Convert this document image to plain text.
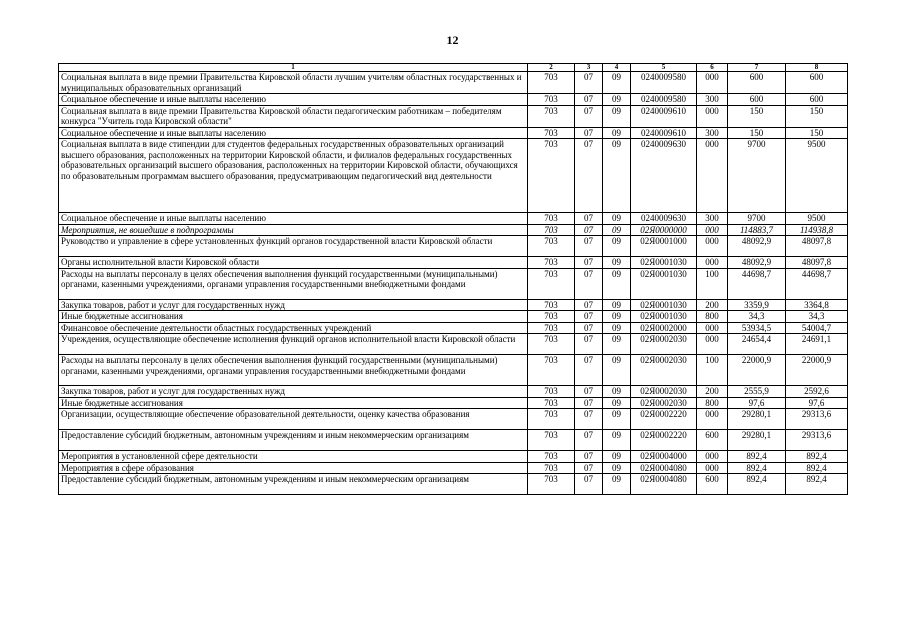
12
1	2	3	4	5	6	7	8
Социальная выплата в виде премии Правительства Кировской области лучшим учителям областных государственных и муниципальных образовательных организаций	703	07	09	0240009580	000	600	600
Социальное обеспечение и иные выплаты населению	703	07	09	0240009580	300	600	600
Социальная выплата в виде премии Правительства Кировской области педагогическим работникам – победителям конкурса "Учитель года Кировской области"	703	07	09	0240009610	000	150	150
Социальное обеспечение и иные выплаты населению	703	07	09	0240009610	300	150	150
Социальная выплата в виде стипендии для студентов федеральных государственных образовательных организаций высшего образования, расположенных на территории Кировской области, и филиалов федеральных государственных образовательных организаций высшего образования, расположенных на территории Кировской области, обучающихся по образовательным программам высшего образования, предусматривающим педагогический вид деятельности	703	07	09	0240009630	000	9700	9500
Социальное обеспечение и иные выплаты населению	703	07	09	0240009630	300	9700	9500
Мероприятия, не вошедшие в подпрограммы	703	07	09	02Я0000000	000	114883,7	114938,8
Руководство и управление в сфере установленных функций органов государственной власти Кировской области	703	07	09	02Я0001000	000	48092,9	48097,8
Органы исполнительной власти Кировской области	703	07	09	02Я0001030	000	48092,9	48097,8
Расходы на выплаты персоналу в целях обеспечения выполнения функций государственными (муниципальными) органами, казенными учреждениями, органами управления государственными внебюджетными фондами	703	07	09	02Я0001030	100	44698,7	44698,7
Закупка товаров, работ и услуг для государственных нужд	703	07	09	02Я0001030	200	3359,9	3364,8
Иные бюджетные ассигнования	703	07	09	02Я0001030	800	34,3	34,3
Финансовое обеспечение деятельности областных государственных учреждений	703	07	09	02Я0002000	000	53934,5	54004,7
Учреждения, осуществляющие обеспечение исполнения функций органов исполнительной власти Кировской области	703	07	09	02Я0002030	000	24654,4	24691,1
Расходы на выплаты персоналу в целях обеспечения выполнения функций государственными (муниципальными) органами, казенными учреждениями, органами управления государственными внебюджетными фондами	703	07	09	02Я0002030	100	22000,9	22000,9
Закупка товаров, работ и услуг для государственных нужд	703	07	09	02Я0002030	200	2555,9	2592,6
Иные бюджетные ассигнования	703	07	09	02Я0002030	800	97,6	97,6
Организации, осуществляющие обеспечение образовательной деятельности, оценку качества образования	703	07	09	02Я0002220	000	29280,1	29313,6
Предоставление субсидий бюджетным, автономным учреждениям и иным некоммерческим организациям	703	07	09	02Я0002220	600	29280,1	29313,6
Мероприятия в установленной сфере деятельности	703	07	09	02Я0004000	000	892,4	892,4
Мероприятия в сфере образования	703	07	09	02Я0004080	000	892,4	892,4
Предоставление субсидий бюджетным, автономным учреждениям и иным некоммерческим организациям	703	07	09	02Я0004080	600	892,4	892,4
